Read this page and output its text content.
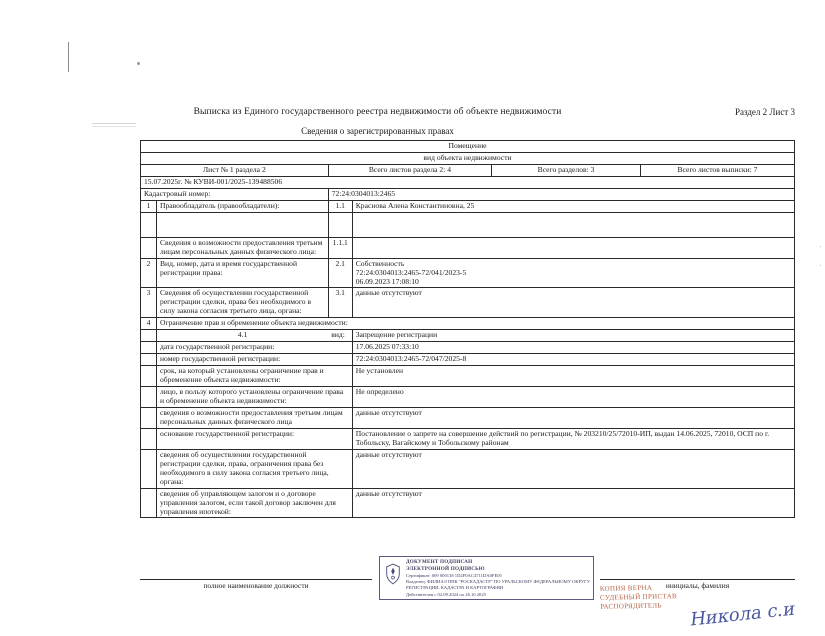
Выписка из Единого государственного реестра недвижимости об объекте недвижимости
Сведения о зарегистрированных правах
Раздел 2 Лист 3
Помещение
вид объекта недвижимости
Лист № 1 раздела 2		Всего листов раздела 2: 4	Всего разделов: 3	Всего листов выписки: 7

15.07.2025г. № КУВИ-001/2025-139488506
Кадастровый номер:	72:24:0304013:2465
1	Правообладатель (правообладатели):	1.1	Краснова Алена Константиновна, 25

	Сведения о возможности предоставления третьим лицам персональных данных физического лица:	1.1.1	
2	Вид, номер, дата и время государственной регистрации права:	2.1	Собственность
72:24:0304013:2465-72/041/2023-5
06.09.2023 17:08:10

3	Сведения об осуществлении государственной регистрации сделки, права без необходимого в силу закона согласия третьего лица, органа:	3.1	данные отсутствуют
4	Ограничение прав и обременение объекта недвижимости:
	4.1	вид:	Запрещение регистрации
	дата государственной регистрации:	17.06.2025 07:33:10
	номер государственной регистрации:	72:24:0304013:2465-72/047/2025-8
	срок, на который установлены ограничение прав и обременение объекта недвижимости:	Не установлен
	лицо, в пользу которого установлены ограничение права и обременение объекта недвижимости:	Не определено
	сведения о возможности предоставления третьим лицам персональных данных физического лица	данные отсутствуют
	основание государственной регистрации:	Постановление о запрете на совершение действий по регистрации, № 203210/25/72010-ИП, выдан 14.06.2025, 72010, ОСП по г. Тобольску, Вагайскому и Тобольскому районам
	сведения об осуществлении государственной регистрации сделки, права, ограничения права без необходимого в силу закона согласия третьего лица, органа:	данные отсутствуют
	сведения об управляющем залогом и о договоре управления залогом, если такой договор заключен для управления ипотекой:	данные отсутствуют
.
.
полное наименование должности	инициалы, фамилия
ДОКУМЕНТ ПОДПИСАН
ЭЛЕКТРОННОЙ ПОДПИСЬЮ
Сертификат: 009 000138 1D2F0AC4711DA0FE05
Владелец: ФИЛИАЛ ППК "РОСКАДАСТР" ПО УРАЛЬСКОМУ ФЕДЕРАЛЬНОМУ ОКРУГУ
РЕГИСТРАЦИИ, КАДАСТРА И КАРТОГРАФИИ
Действителен с 02.09.2024 по 26.10.2025
КОПИЯ ВЕРНА
СУДЕБНЫЙ ПРИСТАВ
РАСПОРЯДИТЕЛЬ	Никола с.и
